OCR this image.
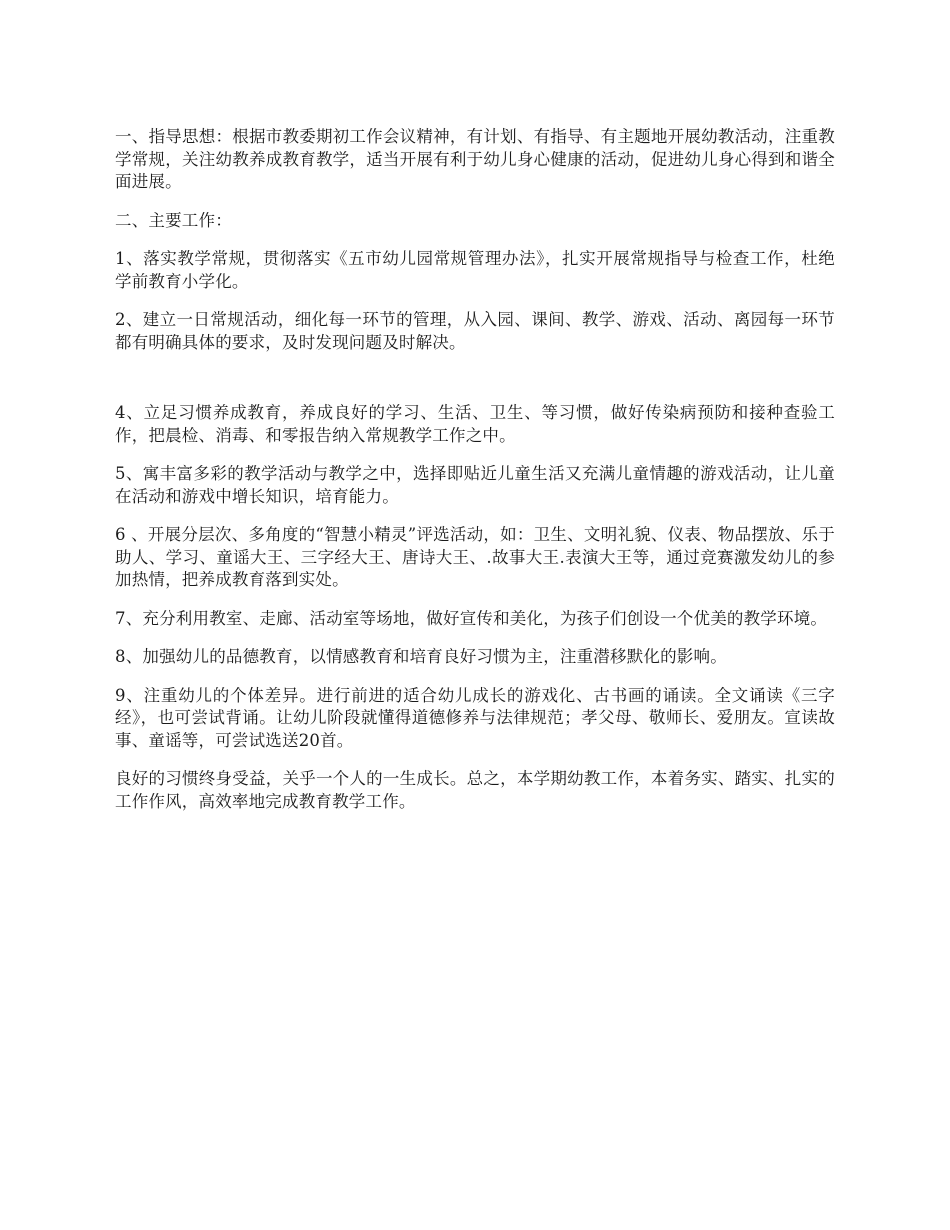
一、指导思想：根据市教委期初工作会议精神，有计划、有指导、有主题地开展幼教活动，注重教学常规，关注幼教养成教育教学，适当开展有利于幼儿身心健康的活动，促进幼儿身心得到和谐全面进展。

二、主要工作：

1、落实教学常规，贯彻落实《五市幼儿园常规管理办法》，扎实开展常规指导与检查工作，杜绝学前教育小学化。

2、建立一日常规活动，细化每一环节的管理，从入园、课间、教学、游戏、活动、离园每一环节都有明确具体的要求，及时发现问题及时解决。

4、立足习惯养成教育，养成良好的学习、生活、卫生、等习惯，做好传染病预防和接种查验工作，把晨检、消毒、和零报告纳入常规教学工作之中。

5、寓丰富多彩的教学活动与教学之中，选择即贴近儿童生活又充满儿童情趣的游戏活动，让儿童在活动和游戏中增长知识，培育能力。

6 、开展分层次、多角度的“智慧小精灵”评选活动，如：卫生、文明礼貌、仪表、物品摆放、乐于助人、学习、童谣大王、三字经大王、唐诗大王、.故事大王.表演大王等，通过竞赛激发幼儿的参加热情，把养成教育落到实处。

7、充分利用教室、走廊、活动室等场地，做好宣传和美化，为孩子们创设一个优美的教学环境。

8、加强幼儿的品德教育，以情感教育和培育良好习惯为主，注重潜移默化的影响。

9、注重幼儿的个体差异。进行前进的适合幼儿成长的游戏化、古书画的诵读。全文诵读《三字经》，也可尝试背诵。让幼儿阶段就懂得道德修养与法律规范；孝父母、敬师长、爱朋友。宣读故事、童谣等，可尝试选送20首。

良好的习惯终身受益，关乎一个人的一生成长。总之，本学期幼教工作，本着务实、踏实、扎实的工作作风，高效率地完成教育教学工作。
